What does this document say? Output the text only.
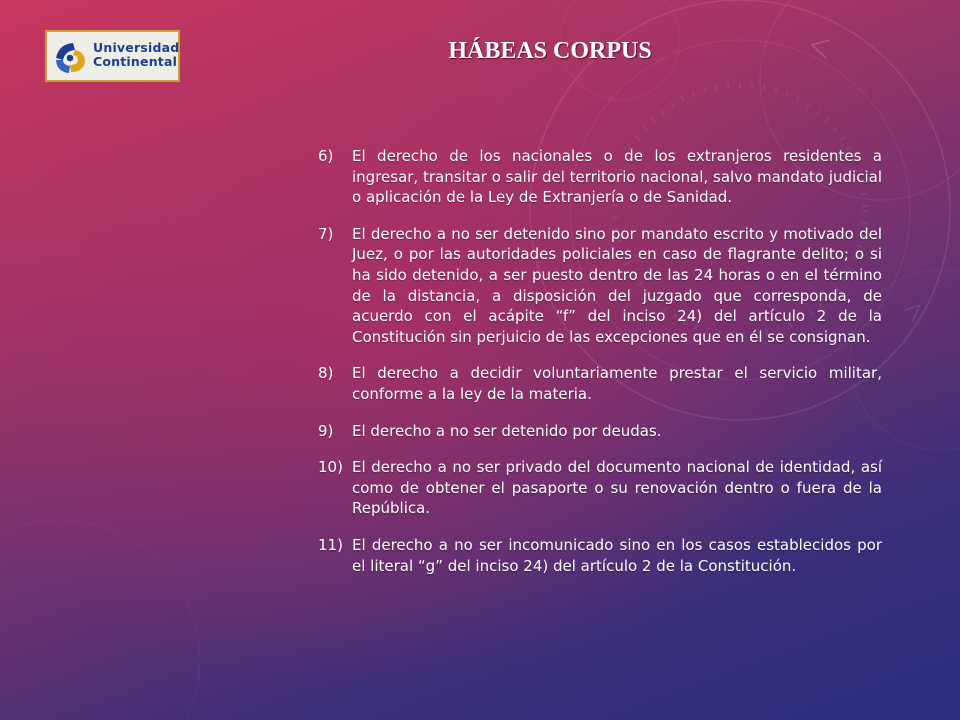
Universidad
Continental	HÁBEAS CORPUS
6) El derecho de los nacionales o de los extranjeros residentes a ingresar, transitar o salir del territorio nacional, salvo mandato judicial o aplicación de la Ley de Extranjería o de Sanidad.
7) El derecho a no ser detenido sino por mandato escrito y motivado del Juez, o por las autoridades policiales en caso de flagrante delito; o si ha sido detenido, a ser puesto dentro de las 24 horas o en el término de la distancia, a disposición del juzgado que corresponda, de acuerdo con el acápite “f” del inciso 24) del artículo 2 de la Constitución sin perjuicio de las excepciones que en él se consignan.
8) El derecho a decidir voluntariamente prestar el servicio militar, conforme a la ley de la materia.
9) El derecho a no ser detenido por deudas.
10) El derecho a no ser privado del documento nacional de identidad, así como de obtener el pasaporte o su renovación dentro o fuera de la República.
11) El derecho a no ser incomunicado sino en los casos establecidos por el literal “g” del inciso 24) del artículo 2 de la Constitución.
